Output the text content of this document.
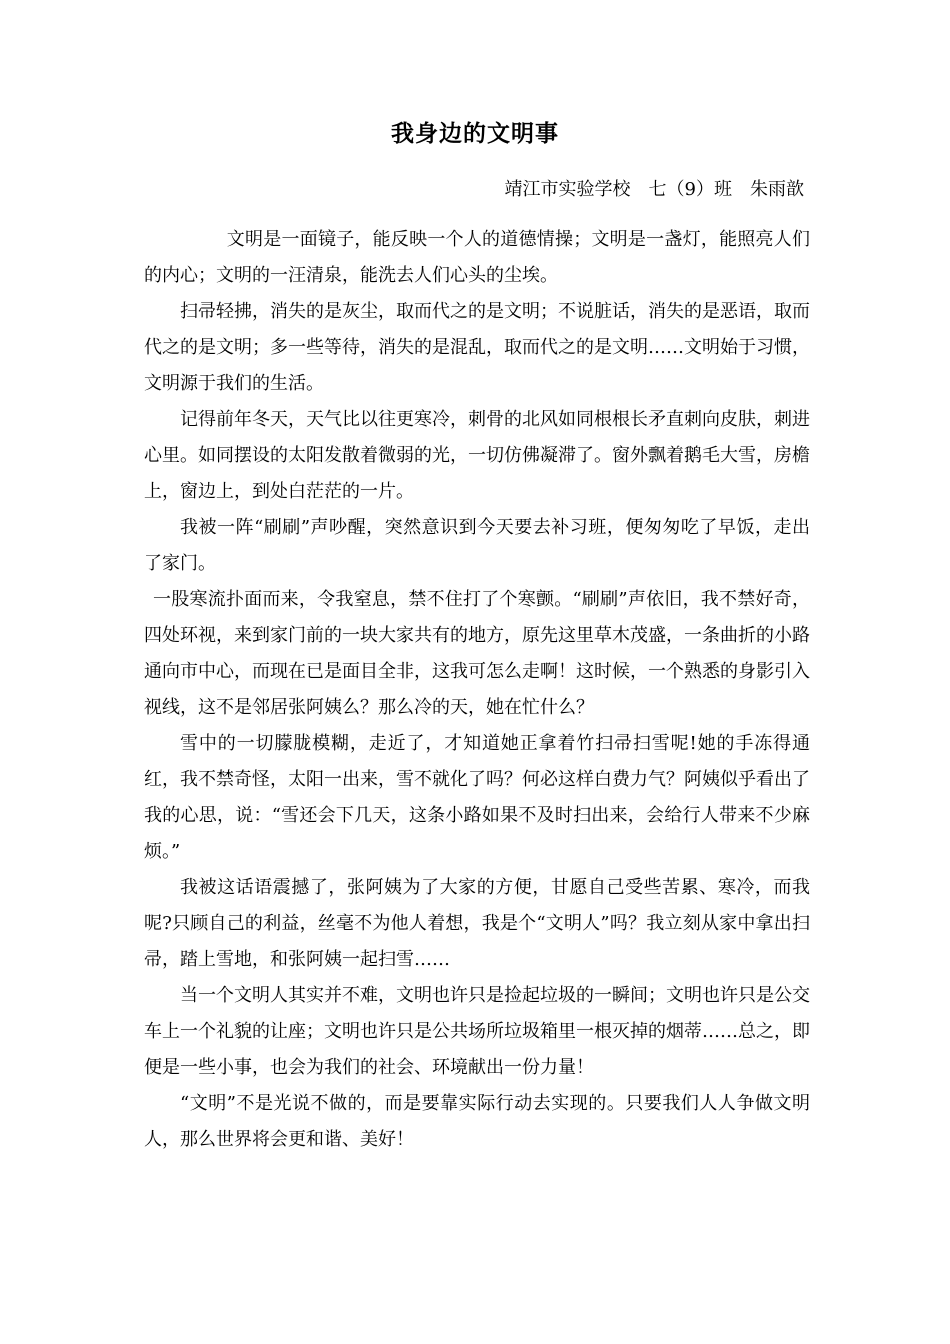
我身边的文明事
靖江市实验学校　七（9）班　朱雨歆

文明是一面镜子，能反映一个人的道德情操；文明是一盏灯，能照亮人们的内心；文明的一汪清泉，能洗去人们心头的尘埃。

扫帚轻拂，消失的是灰尘，取而代之的是文明；不说脏话，消失的是恶语，取而代之的是文明；多一些等待，消失的是混乱，取而代之的是文明……文明始于习惯，文明源于我们的生活。

记得前年冬天，天气比以往更寒冷，刺骨的北风如同根根长矛直刺向皮肤，刺进心里。如同摆设的太阳发散着微弱的光，一切仿佛凝滞了。窗外飘着鹅毛大雪，房檐上，窗边上，到处白茫茫的一片。

我被一阵“刷刷”声吵醒，突然意识到今天要去补习班，便匆匆吃了早饭，走出了家门。

一股寒流扑面而来，令我窒息，禁不住打了个寒颤。“刷刷”声依旧，我不禁好奇，四处环视，来到家门前的一块大家共有的地方，原先这里草木茂盛，一条曲折的小路通向市中心，而现在已是面目全非，这我可怎么走啊！这时候，一个熟悉的身影引入视线，这不是邻居张阿姨么？那么冷的天，她在忙什么？

雪中的一切朦胧模糊，走近了，才知道她正拿着竹扫帚扫雪呢!她的手冻得通红，我不禁奇怪，太阳一出来，雪不就化了吗？何必这样白费力气？阿姨似乎看出了我的心思，说：“雪还会下几天，这条小路如果不及时扫出来，会给行人带来不少麻烦。”

我被这话语震撼了，张阿姨为了大家的方便，甘愿自己受些苦累、寒冷，而我呢?只顾自己的利益，丝毫不为他人着想，我是个“文明人”吗？我立刻从家中拿出扫帚，踏上雪地，和张阿姨一起扫雪……

当一个文明人其实并不难，文明也许只是捡起垃圾的一瞬间；文明也许只是公交车上一个礼貌的让座；文明也许只是公共场所垃圾箱里一根灭掉的烟蒂……总之，即便是一些小事，也会为我们的社会、环境献出一份力量！

“文明”不是光说不做的，而是要靠实际行动去实现的。只要我们人人争做文明人，那么世界将会更和谐、美好！
